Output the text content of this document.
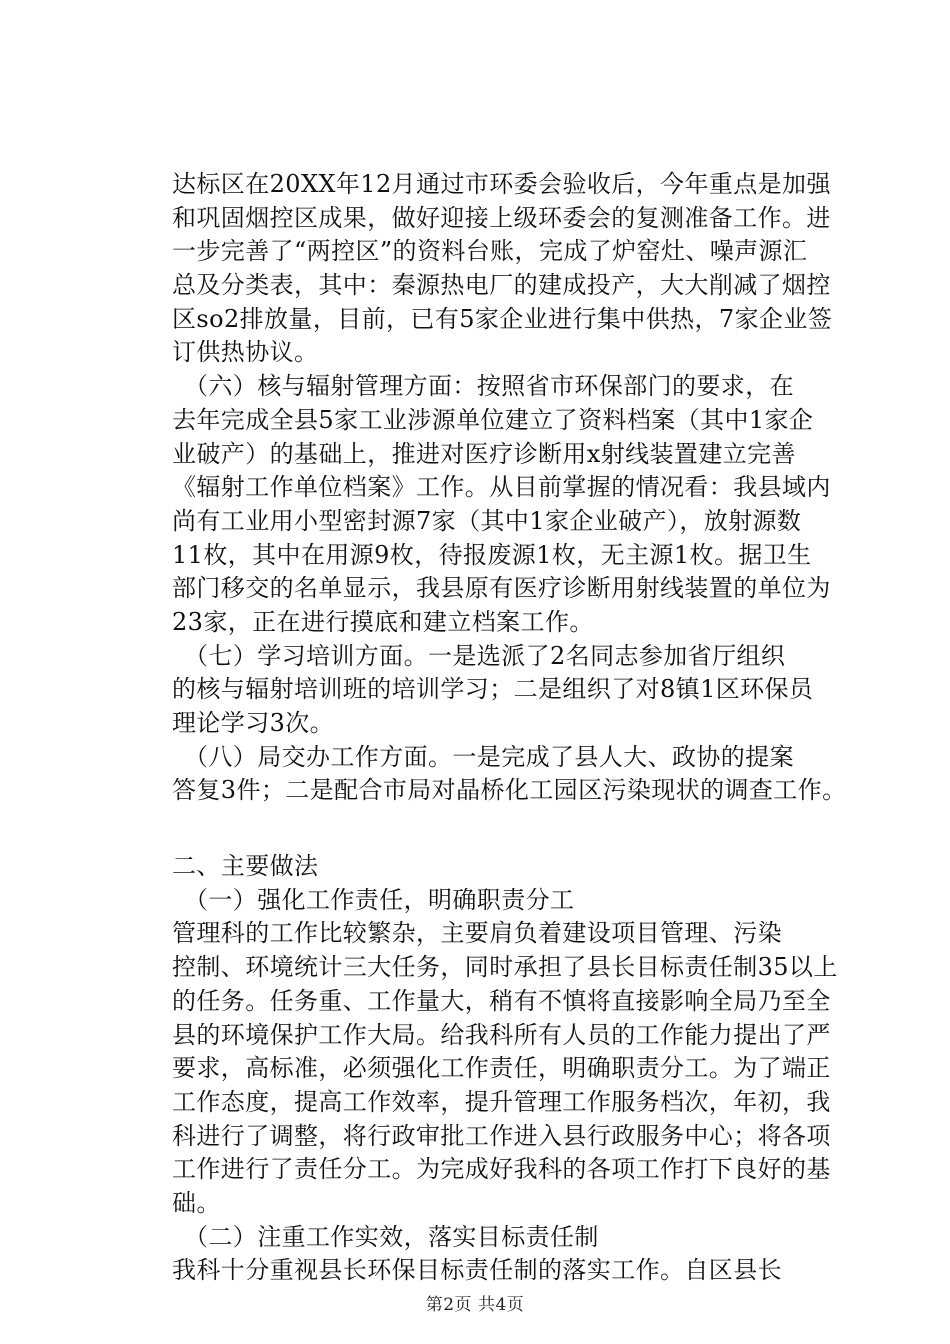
达标区在20XX年12月通过市环委会验收后，今年重点是加强
和巩固烟控区成果，做好迎接上级环委会的复测准备工作。进
一步完善了“两控区”的资料台账，完成了炉窑灶、噪声源汇
总及分类表，其中：秦源热电厂的建成投产，大大削减了烟控
区so2排放量，目前，已有5家企业进行集中供热，7家企业签
订供热协议。
（六）核与辐射管理方面：按照省市环保部门的要求，在
去年完成全县5家工业涉源单位建立了资料档案（其中1家企
业破产）的基础上，推进对医疗诊断用x射线装置建立完善
《辐射工作单位档案》工作。从目前掌握的情况看：我县域内
尚有工业用小型密封源7家（其中1家企业破产），放射源数
11枚，其中在用源9枚，待报废源1枚，无主源1枚。据卫生
部门移交的名单显示，我县原有医疗诊断用射线装置的单位为
23家，正在进行摸底和建立档案工作。
（七）学习培训方面。一是选派了2名同志参加省厅组织
的核与辐射培训班的培训学习；二是组织了对8镇1区环保员
理论学习3次。
（八）局交办工作方面。一是完成了县人大、政协的提案
答复3件；二是配合市局对晶桥化工园区污染现状的调查工作。
二、主要做法
（一）强化工作责任，明确职责分工
管理科的工作比较繁杂，主要肩负着建设项目管理、污染
控制、环境统计三大任务，同时承担了县长目标责任制35以上
的任务。任务重、工作量大，稍有不慎将直接影响全局乃至全
县的环境保护工作大局。给我科所有人员的工作能力提出了严
要求，高标准，必须强化工作责任，明确职责分工。为了端正
工作态度，提高工作效率，提升管理工作服务档次，年初，我
科进行了调整，将行政审批工作进入县行政服务中心；将各项
工作进行了责任分工。为完成好我科的各项工作打下良好的基
础。
（二）注重工作实效，落实目标责任制
我科十分重视县长环保目标责任制的落实工作。自区县长
第2页 共4页
